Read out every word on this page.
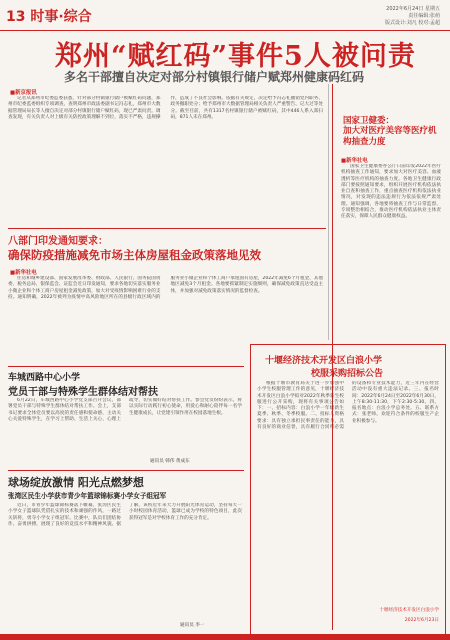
13 时事·综合	2022年6月24日 星期五
责任编辑:张萌
版式设计:刘凡 校对:孟超
郑州“赋红码”事件5人被问责
多名干部擅自决定对部分村镇银行储户赋郑州健康码红码
■新京报讯
记者从郑州市纪委监委获悉，针对部分村镇银行储户被赋红码问题，郑州市纪委监委组织专项调查，查明郑州市政法委副书记冯志礼，郑州市大数据管理局局长等人擅自决定对部分村镇银行储户赋红码，现已严肃问责。调查发现，有关负责人对上级有关防控政策理解不到位，落实不严格，违规操作，造成了不良社会影响。依据有关规定，决定给予冯志礼撤销党内职务、政务撤职处分；给予郑州市大数据管理局相关负责人严重警告、记大过等处分。截至目前，共有1317名村镇银行储户被赋红码，其中446人系入郑扫码，871人未在郑州。
八部门印发通知要求：
确保防疫措施减免市场主体房屋租金政策落地见效
■新华社电
住房和城乡建设部、国家发展改革委、财政部、人民银行、国务院国资委、税务总局、银保监会、证监会近日印发通知，要求各地切实落实服务业小微企业和个体工商户房屋租金减免政策，加大对受疫情影响困难行业的支持。通知明确，2022年被列为疫情中高风险地区所在的县级行政区域内的服务业小微企业和个体工商户承租国有房屋，2022年减免6个月租金，其他地区减免3个月租金。各地要抓紧制定实施细则，确保减免政策直达受益主体，并加强对减免政策落实情况的监督检查。
车城西路中心小学
党员干部与特殊学生群体结对帮扶
6月22日，车城西路中心小学党支部召开会议，部署党员干部与特殊学生群体结对帮扶工作。会上，支部书记要求全体党员要以高度的责任感和使命感，主动关心关爱特殊学生，在学习上帮助、生活上关心、心理上疏导，切实做好结对帮扶工作。参会党员纷纷表示，将以实际行动践行初心使命，用爱心和耐心陪伴每一名学生健康成长，让党建引领作用在校园落地生根。
通讯员 韩伟 黄成东
球场绽放激情 阳光点燃梦想
张湾区民生小学获市青少年篮球锦标赛小学女子组冠军
近日，市青少年篮球锦标赛落下帷幕，张湾区民生小学女子篮球队凭借扎实的技术和顽强的作风，一路过关斩将，勇夺小学女子组冠军。比赛中，队员们团结协作、奋勇拼搏，展现了良好的竞技水平和精神风貌。据了解，该校近年来大力开展阳光体育运动，坚持每天一小时校园体育活动，篮球已成为学校的特色项目，此次获得冠军是对学校体育工作的充分肯定。
通讯员 李一
国家卫健委：
加大对医疗美容等医疗机构抽查力度
■新华社电
国家卫生健康委办公厅日前印发2022年医疗机构抽查工作通知，要求加大对医疗美容、血液透析等医疗机构的抽查力度。各地卫生健康行政部门要按照通知要求，组织开展医疗机构依法执业自查和抽查工作，重点抽查医疗机构依法执业情况，对发现的违法违规行为依法依规严肃处理。通知强调，各地要将抽查工作与日常监督、专项整治相结合，推动医疗机构依法执业主体责任落实，保障人民群众健康权益。
十堰经济技术开发区白浪小学
校服采购招标公告
根据十堰市教育局关于进一步加强中小学生校服管理工作的意见，十堰经济技术开发区白浪小学拟对2022年秋季新生校服进行公开采购，现将有关事项公告如下：一、招标内容：白浪小学一年级新生夏季、秋季、冬季校服。二、投标人资格要求：具有独立承担民事责任的能力，具有良好的商业信誉，具有履行合同所必需的设备和专业技术能力，近三年内在经营活动中没有重大违法记录。三、报名时间：2022年6月24日至2022年6月30日，上午8:30-11:30，下午2:30-5:30。四、报名地点：白浪小学总务处。五、联系方式：张老师。欢迎符合条件的校服生产企业积极参与。
十堰经济技术开发区白浪小学
2022年6月23日
